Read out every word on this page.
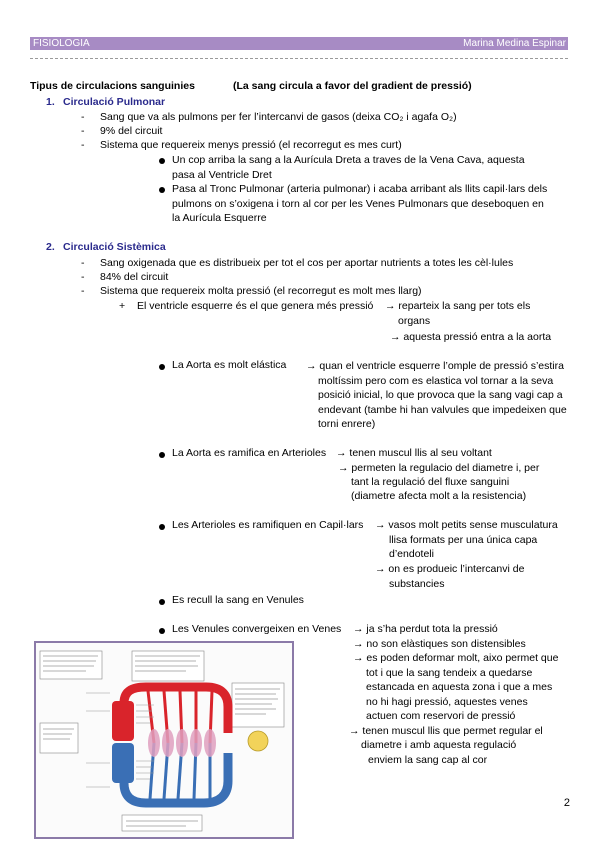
FISIOLOGIA	Marina Medina Espinar
Tipus de circulacions sanguinies	(La sang circula a favor del gradient de pressió)
1. Circulació Pulmonar
- Sang que va als pulmons per fer l’intercanvi de gasos (deixa CO₂ i agafa O₂)
- 9% del circuit
- Sistema que requereix menys pressió (el recorregut es mes curt)
Un cop arriba la sang a la Aurícula Dreta a traves de la Vena Cava, aquesta
pasa al Ventricle Dret
Pasa al Tronc Pulmonar (arteria pulmonar) i acaba arribant als llits capil·lars dels
pulmons on s’oxigena i torn al cor per les Venes Pulmonars que deseboquen en
la Aurícula Esquerre
2. Circulació Sistèmica
- Sang oxigenada que es distribueix per tot el cos per aportar nutrients a totes les cèl·lules
- 84% del circuit
- Sistema que requereix molta pressió (el recorregut es molt mes llarg)
+ El ventricle esquerre és el que genera més pressió → reparteix la sang per tots els
organs
→ aquesta pressió entra a la aorta
La Aorta es molt elástica → quan el ventricle esquerre l’omple de pressió s’estira
moltíssim pero com es elastica vol tornar a la seva
posició inicial, lo que provoca que la sang vagi cap a
endevant (tambe hi han valvules que impedeixen que
torni enrere)
La Aorta es ramifica en Arterioles → tenen muscul llis al seu voltant
→ permeten la regulacio del diametre i, per
tant la regulació del fluxe sanguini
(diametre afecta molt a la resistencia)
Les Arterioles es ramifiquen en Capil·lars → vasos molt petits sense musculatura
llisa formats per una única capa
d’endoteli
→ on es produeic l’intercanvi de
substancies
Es recull la sang en Venules
Les Venules convergeixen en Venes → ja s’ha perdut tota la pressió
→ no son elàstiques son distensibles
→ es poden deformar molt, aixo permet que
tot i que la sang tendeix a quedarse
estancada en aquesta zona i que a mes
no hi hagi pressió, aquestes venes
actuen com reservori de pressió
→ tenen muscul llis que permet regular el
diametre i amb aquesta regulació
enviem la sang cap al cor
2
